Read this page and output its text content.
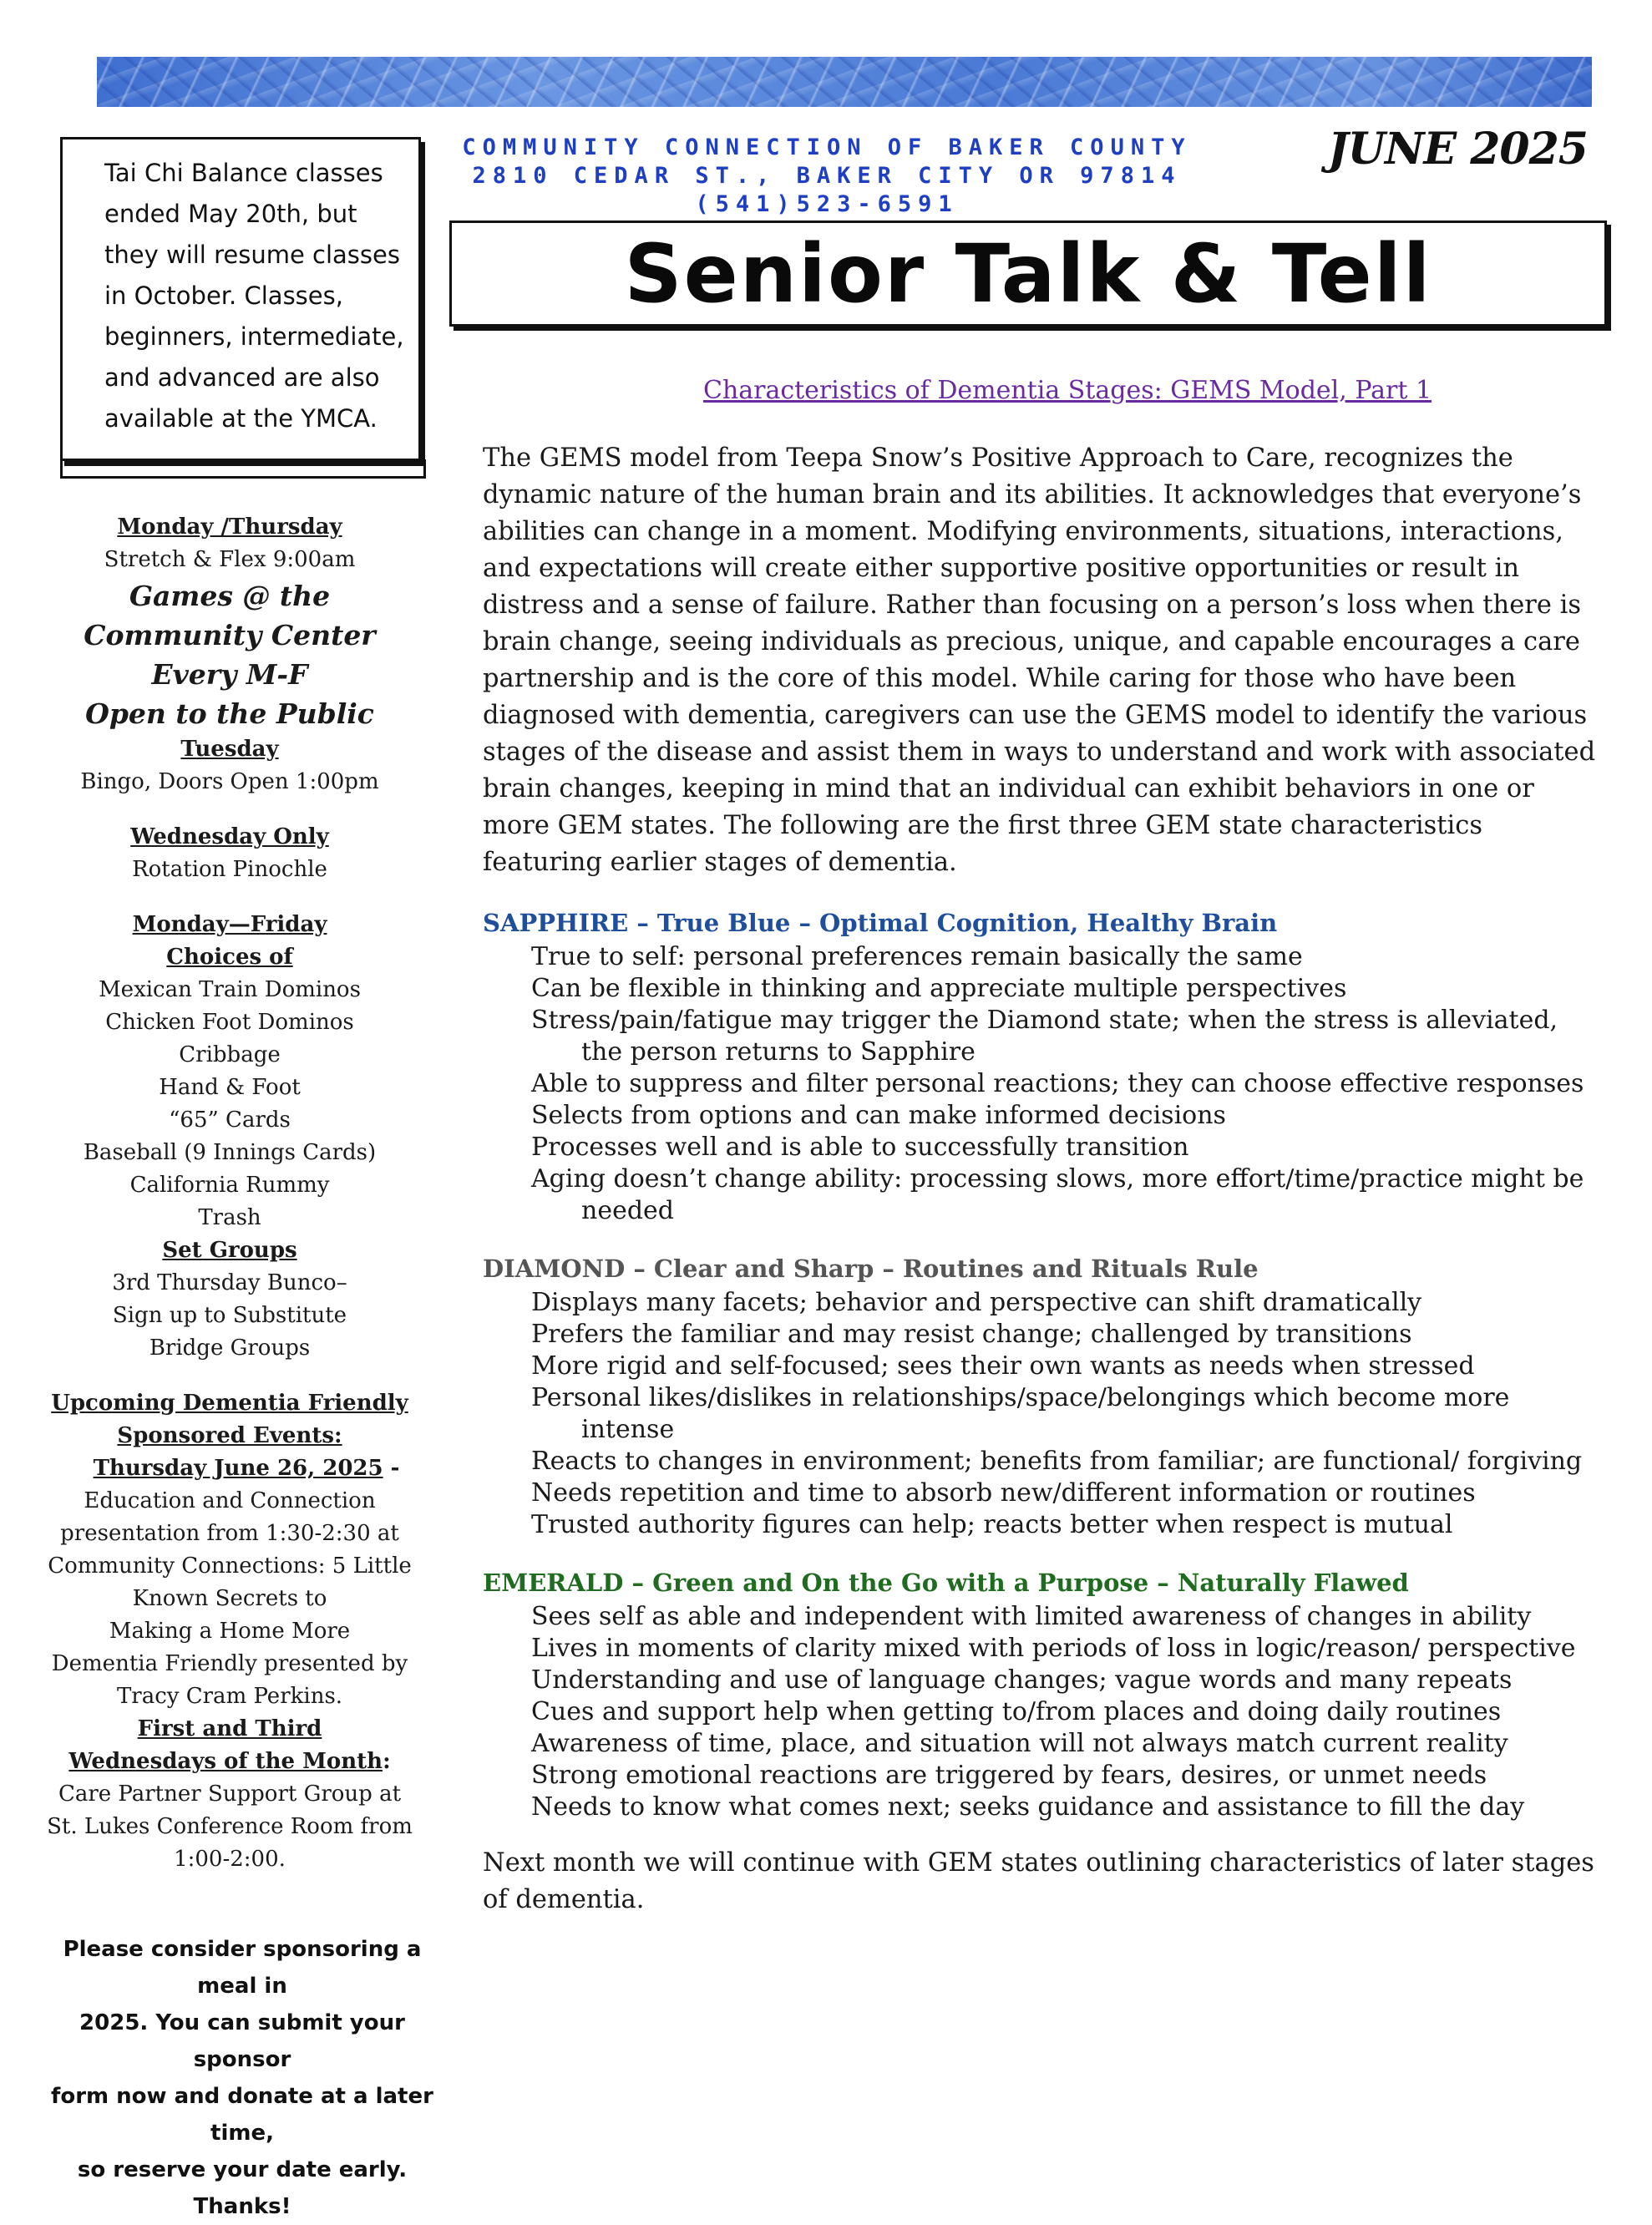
COMMUNITY CONNECTION OF BAKER COUNTY
2810 CEDAR ST., BAKER CITY OR 97814
(541)523-6591
JUNE 2025
Senior Talk & Tell
Tai Chi Balance classes ended May 20th, but they will resume classes in October. Classes, beginners, intermediate, and advanced are also available at the YMCA.
Monday /Thursday
Stretch & Flex 9:00am
Games @ the
Community Center
Every M-F
Open to the Public
Tuesday
Bingo, Doors Open 1:00pm
Wednesday Only
Rotation Pinochle
Monday—Friday
Choices of
Mexican Train Dominos
Chicken Foot Dominos
Cribbage
Hand & Foot
“65” Cards
Baseball (9 Innings Cards)
California Rummy
Trash
Set Groups
3rd Thursday Bunco–
Sign up to Substitute
Bridge Groups
Upcoming Dementia Friendly
Sponsored Events:
Thursday June 26, 2025 -
Education and Connection
presentation from 1:30-2:30 at
Community Connections: 5 Little
Known Secrets to
Making a Home More
Dementia Friendly presented by
Tracy Cram Perkins.
First and Third
Wednesdays of the Month:
Care Partner Support Group at
St. Lukes Conference Room from
1:00-2:00.
Please consider sponsoring a meal in
2025. You can submit your sponsor
form now and donate at a later time,
so reserve your date early. Thanks!
Characteristics of Dementia Stages: GEMS Model, Part 1
The GEMS model from Teepa Snow’s Positive Approach to Care, recognizes the dynamic nature of the human brain and its abilities. It acknowledges that everyone’s abilities can change in a moment. Modifying environments, situations, interactions, and expectations will create either supportive positive opportunities or result in distress and a sense of failure. Rather than focusing on a person’s loss when there is brain change, seeing individuals as precious, unique, and capable encourages a care partnership and is the core of this model. While caring for those who have been diagnosed with dementia, caregivers can use the GEMS model to identify the various stages of the disease and assist them in ways to understand and work with associated brain changes, keeping in mind that an individual can exhibit behaviors in one or more GEM states. The following are the first three GEM state characteristics featuring earlier stages of dementia.
SAPPHIRE – True Blue – Optimal Cognition, Healthy Brain
True to self: personal preferences remain basically the same
Can be flexible in thinking and appreciate multiple perspectives
Stress/pain/fatigue may trigger the Diamond state; when the stress is alleviated, the person returns to Sapphire
Able to suppress and filter personal reactions; they can choose effective responses
Selects from options and can make informed decisions
Processes well and is able to successfully transition
Aging doesn’t change ability: processing slows, more effort/time/practice might be needed
DIAMOND – Clear and Sharp – Routines and Rituals Rule
Displays many facets; behavior and perspective can shift dramatically
Prefers the familiar and may resist change; challenged by transitions
More rigid and self-focused; sees their own wants as needs when stressed
Personal likes/dislikes in relationships/space/belongings which become more intense
Reacts to changes in environment; benefits from familiar; are functional/ forgiving
Needs repetition and time to absorb new/different information or routines
Trusted authority figures can help; reacts better when respect is mutual
EMERALD – Green and On the Go with a Purpose – Naturally Flawed
Sees self as able and independent with limited awareness of changes in ability
Lives in moments of clarity mixed with periods of loss in logic/reason/ perspective
Understanding and use of language changes; vague words and many repeats
Cues and support help when getting to/from places and doing daily routines
Awareness of time, place, and situation will not always match current reality
Strong emotional reactions are triggered by fears, desires, or unmet needs
Needs to know what comes next; seeks guidance and assistance to fill the day
Next month we will continue with GEM states outlining characteristics of later stages of dementia.
